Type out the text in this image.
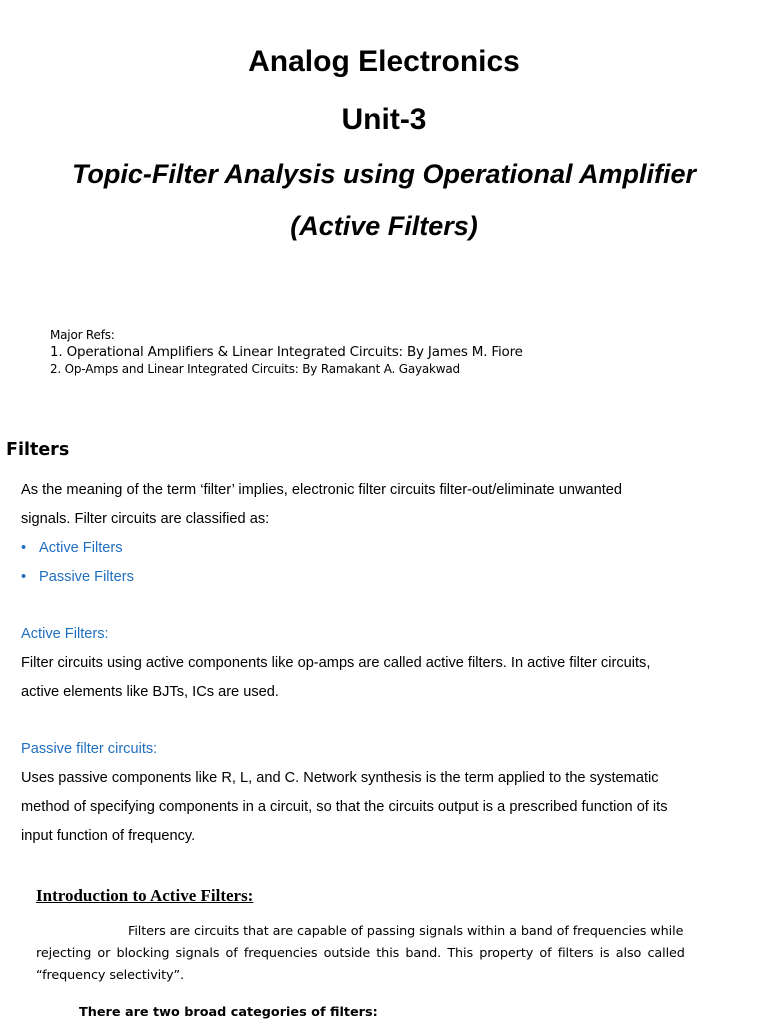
Analog Electronics
Unit-3
Topic-Filter Analysis using Operational Amplifier
(Active Filters)
Major Refs:
1. Operational Amplifiers & Linear Integrated Circuits: By James M. Fiore
2. Op-Amps and Linear Integrated Circuits: By Ramakant A. Gayakwad
Filters
As the meaning of the term ‘filter’ implies, electronic filter circuits filter-out/eliminate unwanted
signals. Filter circuits are classified as:
• Active Filters
• Passive Filters
Active Filters:
Filter circuits using active components like op-amps are called active filters. In active filter circuits,
active elements like BJTs, ICs are used.
Passive filter circuits:
Uses passive components like R, L, and C. Network synthesis is the term applied to the systematic
method of specifying components in a circuit, so that the circuits output is a prescribed function of its
input function of frequency.
Introduction to Active Filters:
Filters are circuits that are capable of passing signals within a band of frequencies while
rejecting or blocking signals of frequencies outside this band. This property of filters is also called
“frequency selectivity”.
There are two broad categories of filters:
